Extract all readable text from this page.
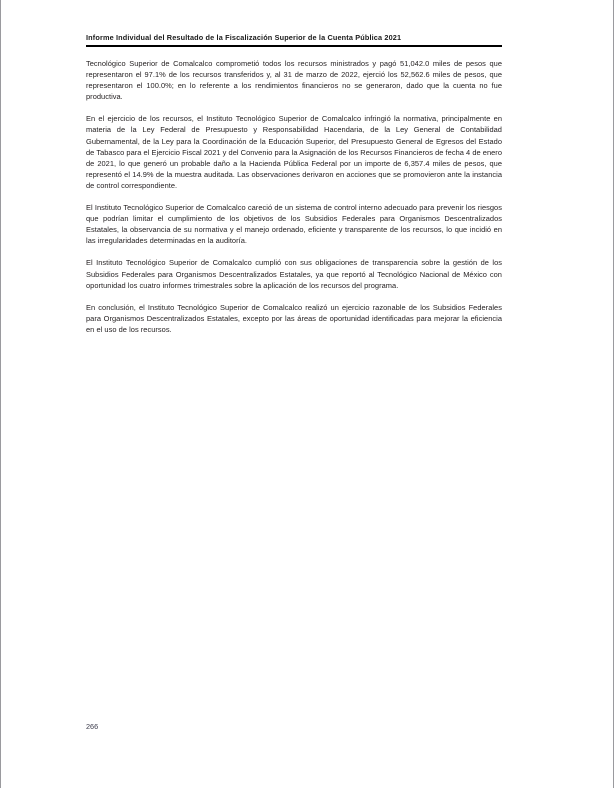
Informe Individual del Resultado de la Fiscalización Superior de la Cuenta Pública 2021

Tecnológico Superior de Comalcalco comprometió todos los recursos ministrados y pagó 51,042.0 miles de pesos que representaron el 97.1% de los recursos transferidos y, al 31 de marzo de 2022, ejerció los 52,562.6 miles de pesos, que representaron el 100.0%; en lo referente a los rendimientos financieros no se generaron, dado que la cuenta no fue productiva.

En el ejercicio de los recursos, el Instituto Tecnológico Superior de Comalcalco infringió la normativa, principalmente en materia de la Ley Federal de Presupuesto y Responsabilidad Hacendaria, de la Ley General de Contabilidad Gubernamental, de la Ley para la Coordinación de la Educación Superior, del Presupuesto General de Egresos del Estado de Tabasco para el Ejercicio Fiscal 2021 y del Convenio para la Asignación de los Recursos Financieros de fecha 4 de enero de 2021, lo que generó un probable daño a la Hacienda Pública Federal por un importe de 6,357.4 miles de pesos, que representó el 14.9% de la muestra auditada. Las observaciones derivaron en acciones que se promovieron ante la instancia de control correspondiente.

El Instituto Tecnológico Superior de Comalcalco careció de un sistema de control interno adecuado para prevenir los riesgos que podrían limitar el cumplimiento de los objetivos de los Subsidios Federales para Organismos Descentralizados Estatales, la observancia de su normativa y el manejo ordenado, eficiente y transparente de los recursos, lo que incidió en las irregularidades determinadas en la auditoría.

El Instituto Tecnológico Superior de Comalcalco cumplió con sus obligaciones de transparencia sobre la gestión de los Subsidios Federales para Organismos Descentralizados Estatales, ya que reportó al Tecnológico Nacional de México con oportunidad los cuatro informes trimestrales sobre la aplicación de los recursos del programa.

En conclusión, el Instituto Tecnológico Superior de Comalcalco realizó un ejercicio razonable de los Subsidios Federales para Organismos Descentralizados Estatales, excepto por las áreas de oportunidad identificadas para mejorar la eficiencia en el uso de los recursos.

266
